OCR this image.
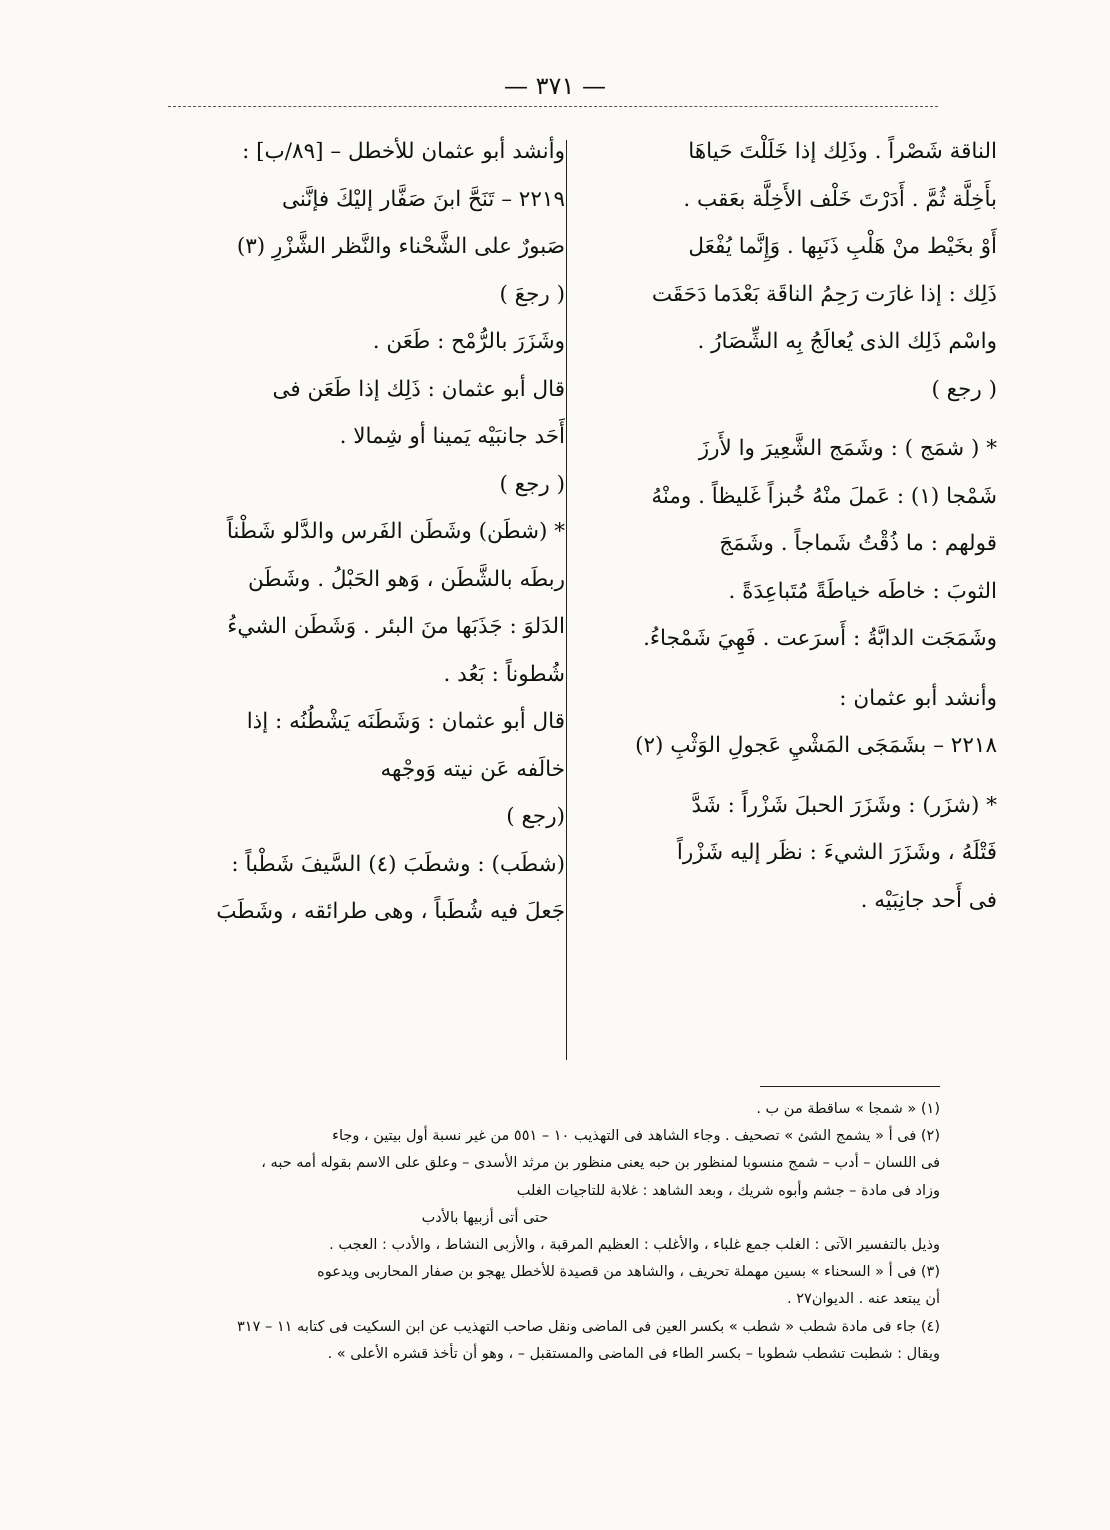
— ٣٧١ —
الناقة شَصْراً . وذَلِك إذا خَلَلْتَ حَياهَا
بأَخِلَّة ثُمَّ . أَدَرْتَ خَلْف الأَخِلَّة بعَقب .
أَوْ بخَيْط منْ هَلْبِ ذَنَبِها . وَإِنَّما يُفْعَل
ذَلِك : إذا غارَت رَحِمُ الناقَة بَعْدَما دَحَقَت
واسْم ذَلِك الذى يُعالَجُ بِه الشِّصَارُ .
( رجع )
* ( شمَج ) : وشَمَج الشَّعِيرَ وا لأَرزَ
شَمْجا (١) : عَملَ منْهُ خُبزاً غَليظاً . ومنْهُ
قولهم : ما ذُقْتُ شَماجاً . وشَمَجَ
الثوبَ : خاطَه خياطَةً مُتَباعِدَةً .
وشَمَجَت الدابَّةُ : أَسرَعت . فَهِيَ شَمْجاءُ.
وأنشد أبو عثمان :
٢٢١٨ – بشَمَجَى المَشْيِ عَجولِ الوَثْبِ (٢)
* (شزَر) : وشَزَرَ الحبلَ شَزْراً : شَدَّ
فَتْلَهُ ، وشَزَرَ الشيءَ : نظَر إليه شَزْراً
فى أَحد جانِبَيْه .
وأنشد أبو عثمان للأخطل – [٨٩/ب] :
٢٢١٩ – تَنَحَّ ابنَ صَفَّار إليْكَ فإنَّنى
صَبورٌ على الشَّحْناء والنَّظر الشَّزْرِ (٣)
( رجعَ )
وشَزَرَ بالرُّمْح : طَعَن .
قال أبو عثمان : ذَلِك إذا طَعَن فى
أَحَد جانبَيْه يَمينا أو شِمالا .
( رجع )
* (شطَن) وشَطَن الفَرس والدَّلو شَطْناً
ربطَه بالشَّطَن ، وَهو الحَبْلُ . وشَطَن
الدَلوَ : جَذَبَها منَ البئر . وَشَطَن الشيءُ
شُطوناً : بَعُد .
قال أبو عثمان : وَشَطَنَه يَشْطُنُه : إذا
خالَفه عَن نيته وَوجْهه
(رجع )
(شطَب) : وشطَبَ (٤) السَّيفَ شَطْباً :
جَعلَ فيه شُطَباً ، وهى طرائقه ، وشَطَبَ
(١) « شمجا » ساقطة من ب .
(٢) فى أ « يشمج الشئ » تصحيف . وجاء الشاهد فى التهذيب ١٠ – ٥٥١ من غير نسبة أول بيتين ، وجاء
فى اللسان – أدب – شمج منسوبا لمنظور بن حبه يعنى منظور بن مرثد الأسدى – وعلق على الاسم بقوله أمه حبه ،
وزاد فى مادة – جشم وأبوه شريك ، وبعد الشاهد : غلابة للتاجيات الغلب
حتى أتى أزبيها بالأدب
وذيل بالتفسير الآتى : الغلب جمع غلباء ، والأغلب : العظيم المرقبة ، والأزبى النشاط ، والأدب : العجب .
(٣) فى أ « السحناء » بسين مهملة تحريف ، والشاهد من قصيدة للأخطل يهجو بن صفار المحاربى ويدعوه
أن يبتعد عنه . الديوان٢٧ .
(٤) جاء فى مادة شطب « شطب » بكسر العين فى الماضى ونقل صاحب التهذيب عن ابن السكيت فى كتابه ١١ – ٣١٧
ويقال : شطبت تشطب شطوبا – بكسر الطاء فى الماضى والمستقبل – ، وهو أن تأخذ قشره الأعلى » .
